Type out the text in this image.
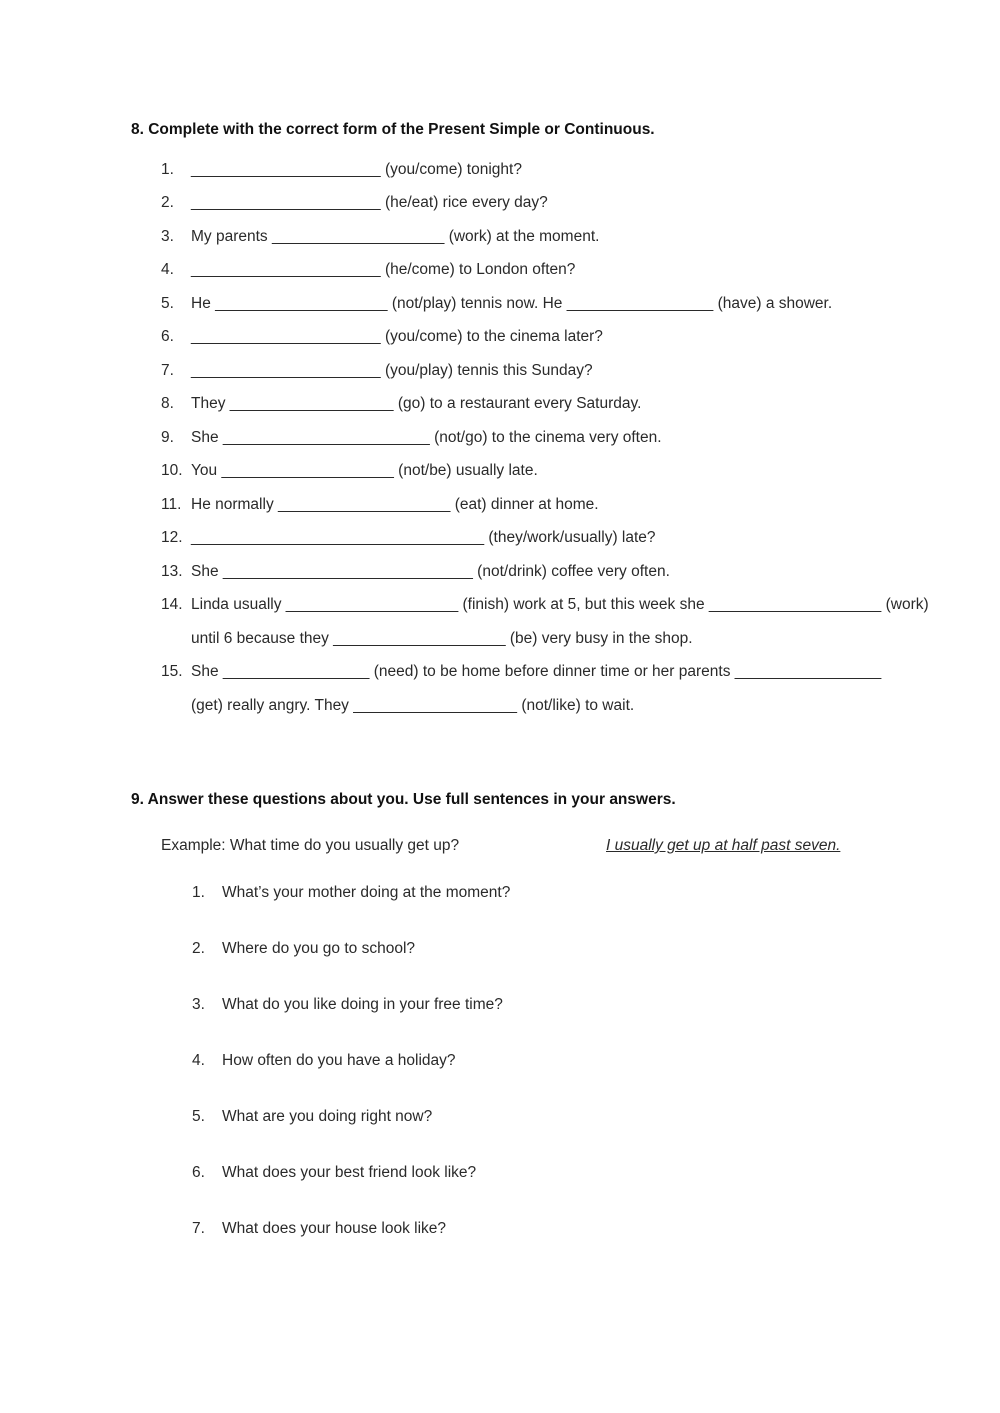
8. Complete with the correct form of the Present Simple or Continuous.
1. ______________________ (you/come) tonight?
2. ______________________ (he/eat) rice every day?
3. My parents ____________________ (work) at the moment.
4. ______________________ (he/come) to London often?
5. He ____________________ (not/play) tennis now. He _________________ (have) a shower.
6. ______________________ (you/come) to the cinema later?
7. ______________________ (you/play) tennis this Sunday?
8. They ___________________ (go) to a restaurant every Saturday.
9. She ________________________ (not/go) to the cinema very often.
10. You ____________________ (not/be) usually late.
11. He normally ____________________ (eat) dinner at home.
12. __________________________________ (they/work/usually) late?
13. She _____________________________ (not/drink) coffee very often.
14. Linda usually ____________________ (finish) work at 5, but this week she ____________________ (work)
until 6 because they ____________________ (be) very busy in the shop.
15. She _________________ (need) to be home before dinner time or her parents _________________
(get) really angry. They ___________________ (not/like) to wait.
9. Answer these questions about you. Use full sentences in your answers.
Example: What time do you usually get up?	I usually get up at half past seven.
1. What’s your mother doing at the moment?
2. Where do you go to school?
3. What do you like doing in your free time?
4. How often do you have a holiday?
5. What are you doing right now?
6. What does your best friend look like?
7. What does your house look like?
